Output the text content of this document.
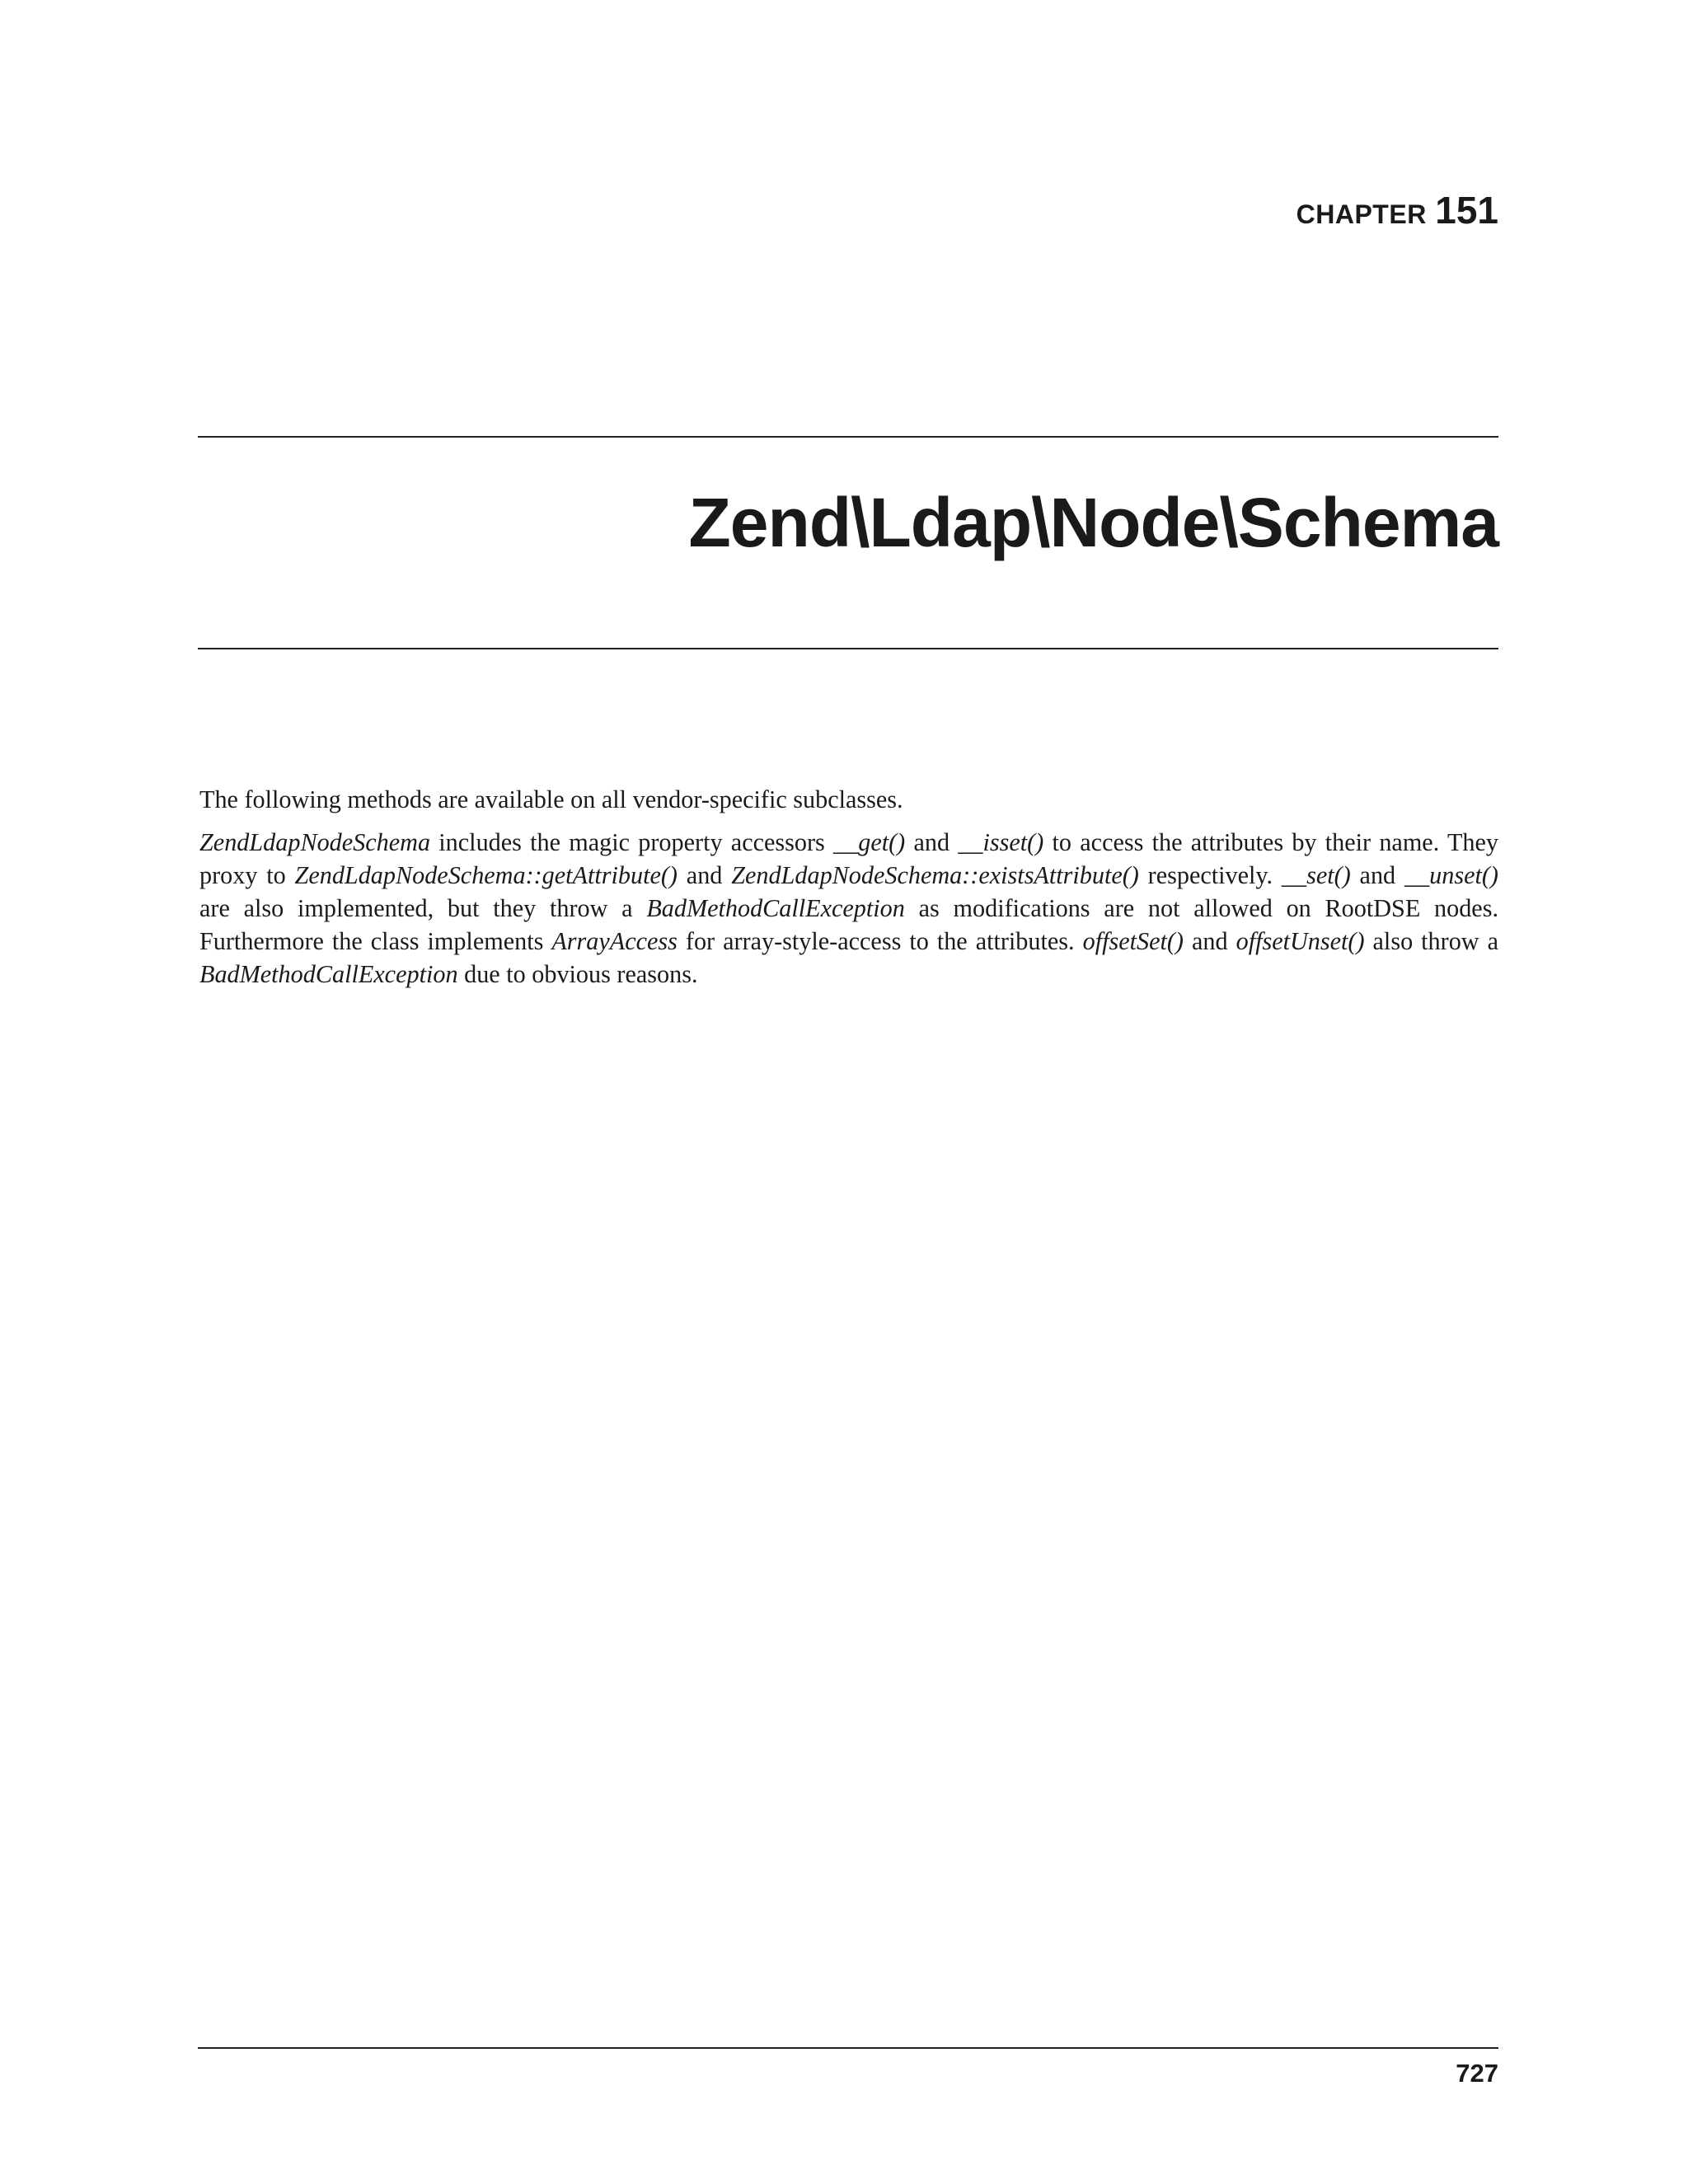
CHAPTER 151
Zend\Ldap\Node\Schema

The following methods are available on all vendor-specific subclasses.

ZendLdapNodeSchema includes the magic property accessors __get() and __isset() to access the attributes by their name. They proxy to ZendLdapNodeSchema::getAttribute() and ZendLdapNodeSchema::existsAttribute() respectively. __set() and __unset() are also implemented, but they throw a BadMethodCallException as modifications are not allowed on RootDSE nodes. Furthermore the class implements ArrayAccess for array-style-access to the attributes. offsetSet() and offsetUnset() also throw a BadMethodCallException due to obvious reasons.

727
